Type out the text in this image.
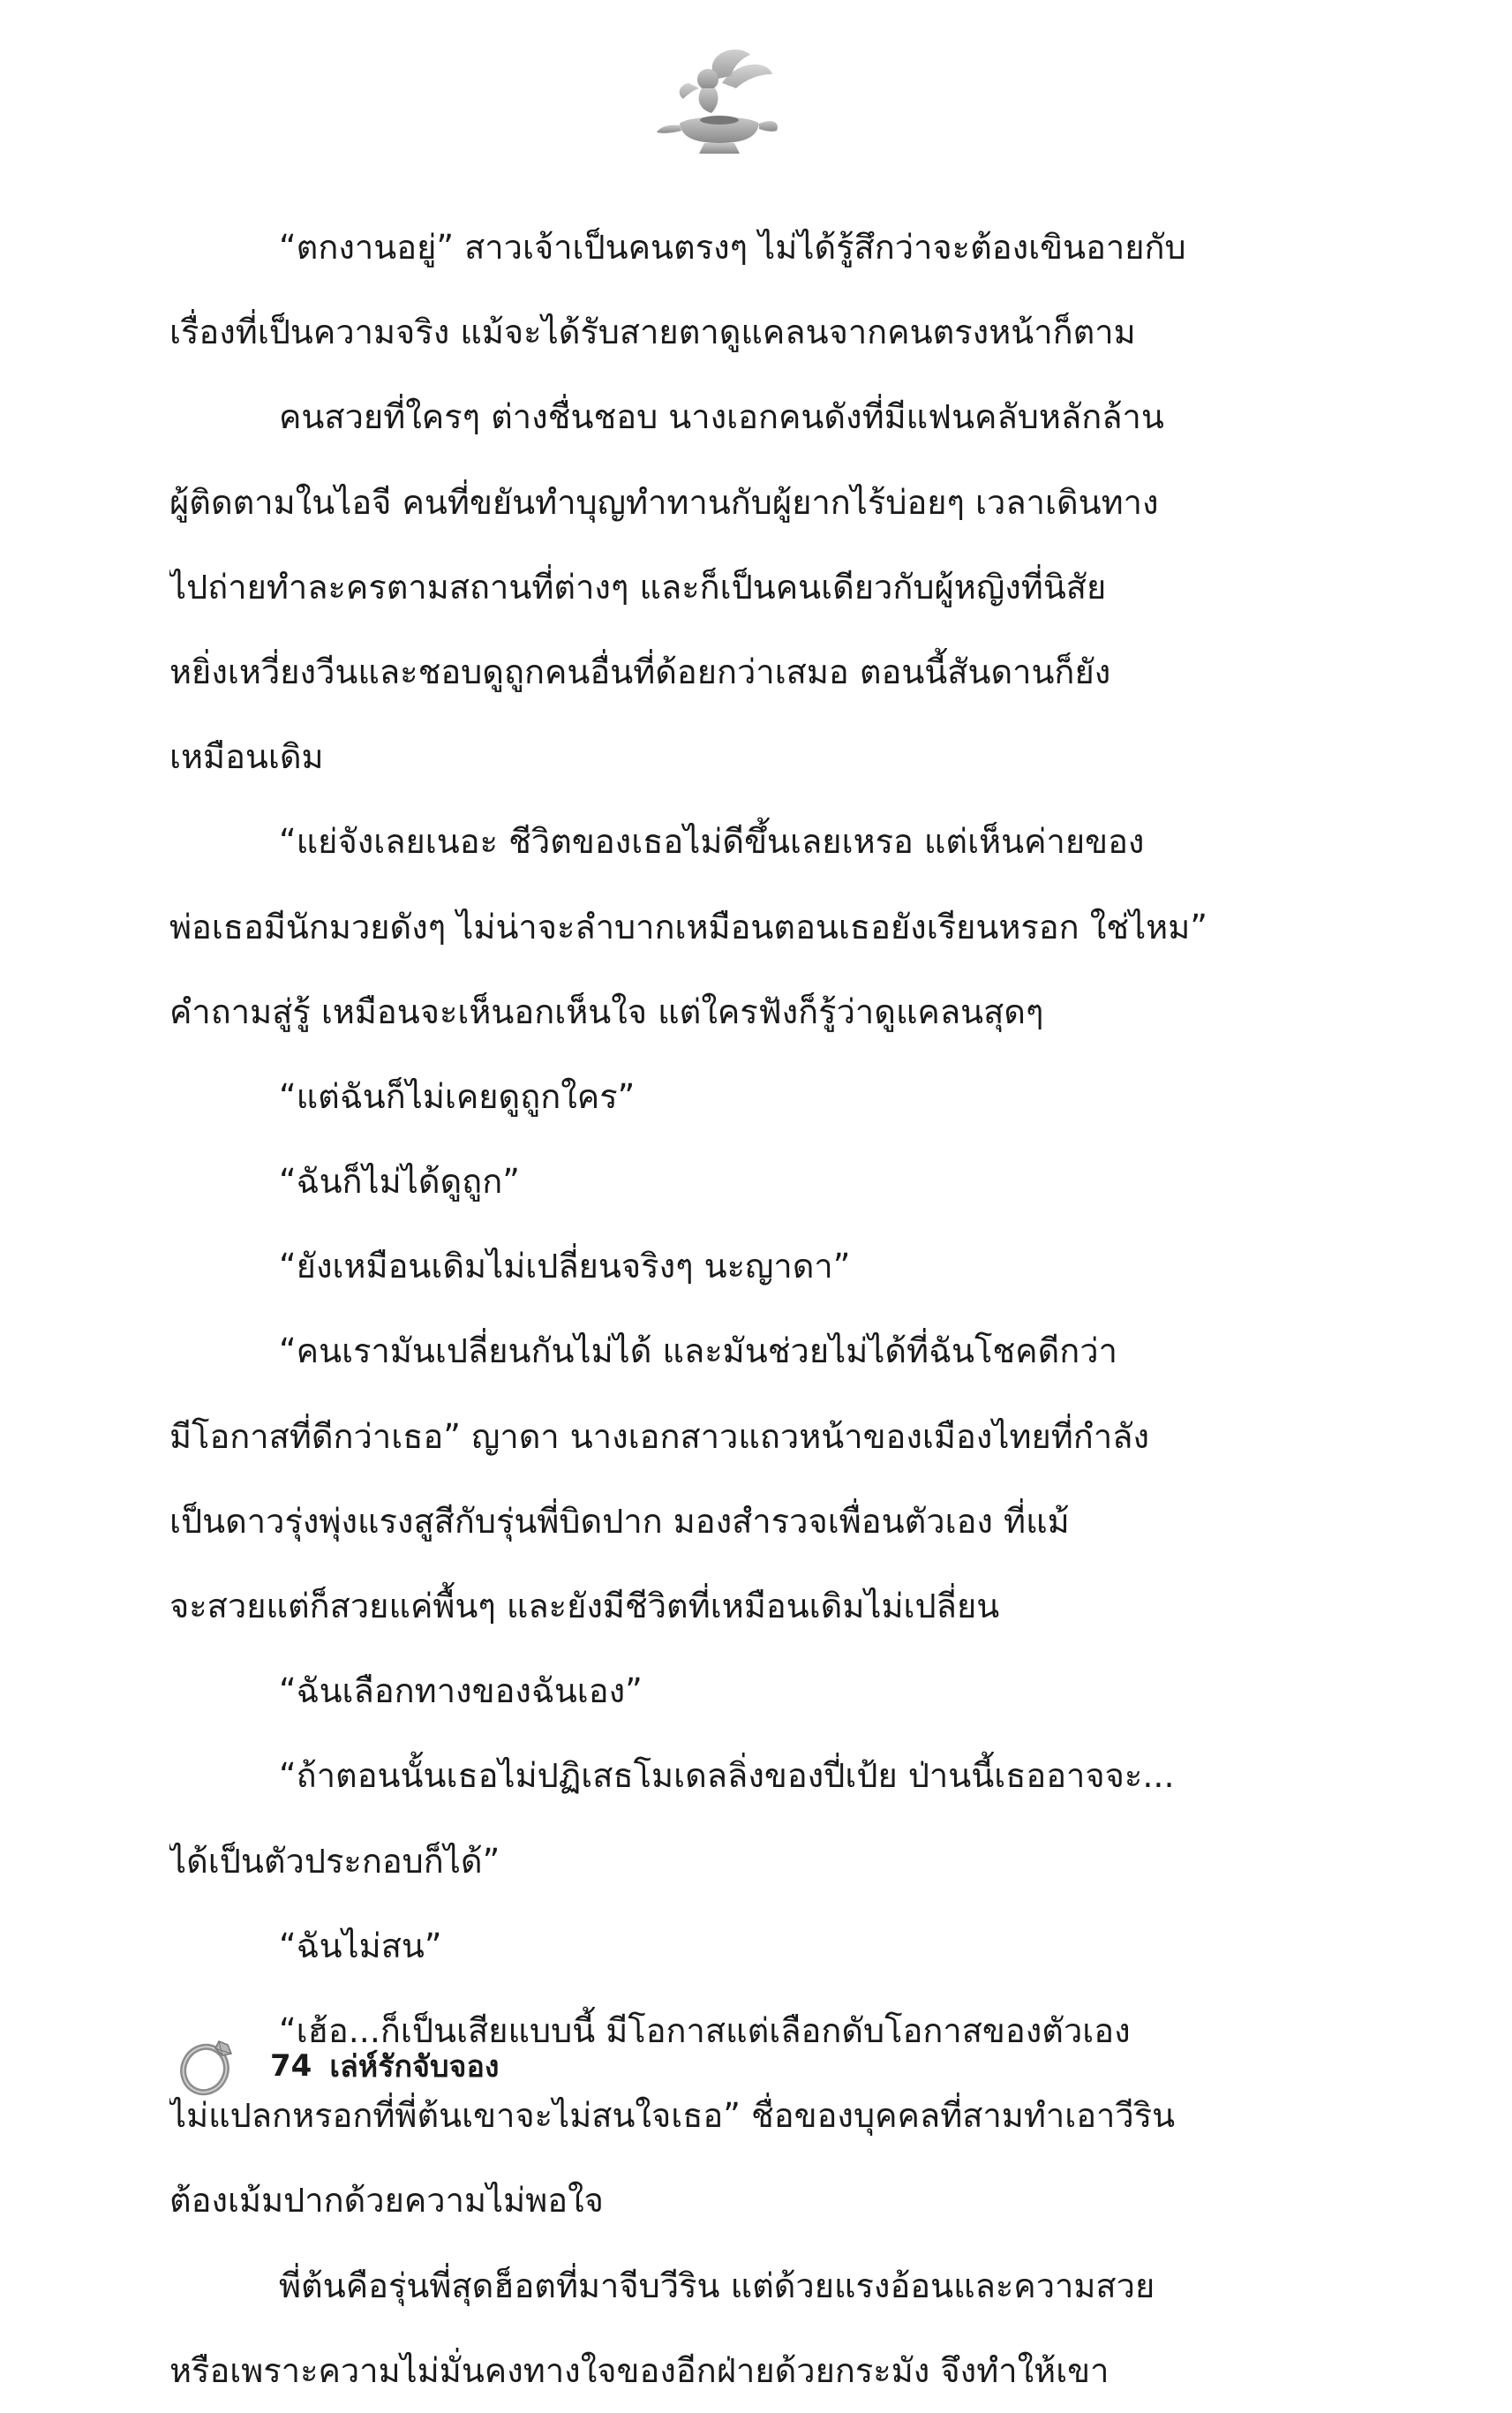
“ตกงานอยู่” สาวเจ้าเป็นคนตรงๆ ไม่ได้รู้สึกว่าจะต้องเขินอายกับ
เรื่องที่เป็นความจริง แม้จะได้รับสายตาดูแคลนจากคนตรงหน้าก็ตาม
คนสวยที่ใครๆ ต่างชื่นชอบ นางเอกคนดังที่มีแฟนคลับหลักล้าน
ผู้ติดตามในไอจี คนที่ขยันทำบุญทำทานกับผู้ยากไร้บ่อยๆ เวลาเดินทาง
ไปถ่ายทำละครตามสถานที่ต่างๆ และก็เป็นคนเดียวกับผู้หญิงที่นิสัย
หยิ่งเหวี่ยงวีนและชอบดูถูกคนอื่นที่ด้อยกว่าเสมอ ตอนนี้สันดานก็ยัง
เหมือนเดิม
“แย่จังเลยเนอะ ชีวิตของเธอไม่ดีขึ้นเลยเหรอ แต่เห็นค่ายของ
พ่อเธอมีนักมวยดังๆ ไม่น่าจะลำบากเหมือนตอนเธอยังเรียนหรอก ใช่ไหม”
คำถามสู่รู้ เหมือนจะเห็นอกเห็นใจ แต่ใครฟังก็รู้ว่าดูแคลนสุดๆ
“แต่ฉันก็ไม่เคยดูถูกใคร”
“ฉันก็ไม่ได้ดูถูก”
“ยังเหมือนเดิมไม่เปลี่ยนจริงๆ นะญาดา”
“คนเรามันเปลี่ยนกันไม่ได้ และมันช่วยไม่ได้ที่ฉันโชคดีกว่า
มีโอกาสที่ดีกว่าเธอ” ญาดา นางเอกสาวแถวหน้าของเมืองไทยที่กำลัง
เป็นดาวรุ่งพุ่งแรงสูสีกับรุ่นพี่บิดปาก มองสำรวจเพื่อนตัวเอง ที่แม้
จะสวยแต่ก็สวยแค่พื้นๆ และยังมีชีวิตที่เหมือนเดิมไม่เปลี่ยน
“ฉันเลือกทางของฉันเอง”
“ถ้าตอนนั้นเธอไม่ปฏิเสธโมเดลลิ่งของปี่เป้ย ป่านนี้เธออาจจะ...
ได้เป็นตัวประกอบก็ได้”
“ฉันไม่สน”
“เฮ้อ...ก็เป็นเสียแบบนี้ มีโอกาสแต่เลือกดับโอกาสของตัวเอง
ไม่แปลกหรอกที่พี่ต้นเขาจะไม่สนใจเธอ” ชื่อของบุคคลที่สามทำเอาวีริน
ต้องเม้มปากด้วยความไม่พอใจ
พี่ต้นคือรุ่นพี่สุดฮ็อตที่มาจีบวีริน แต่ด้วยแรงอ้อนและความสวย
หรือเพราะความไม่มั่นคงทางใจของอีกฝ่ายด้วยกระมัง จึงทำให้เขา
74 เล่ห์รักจับจอง
